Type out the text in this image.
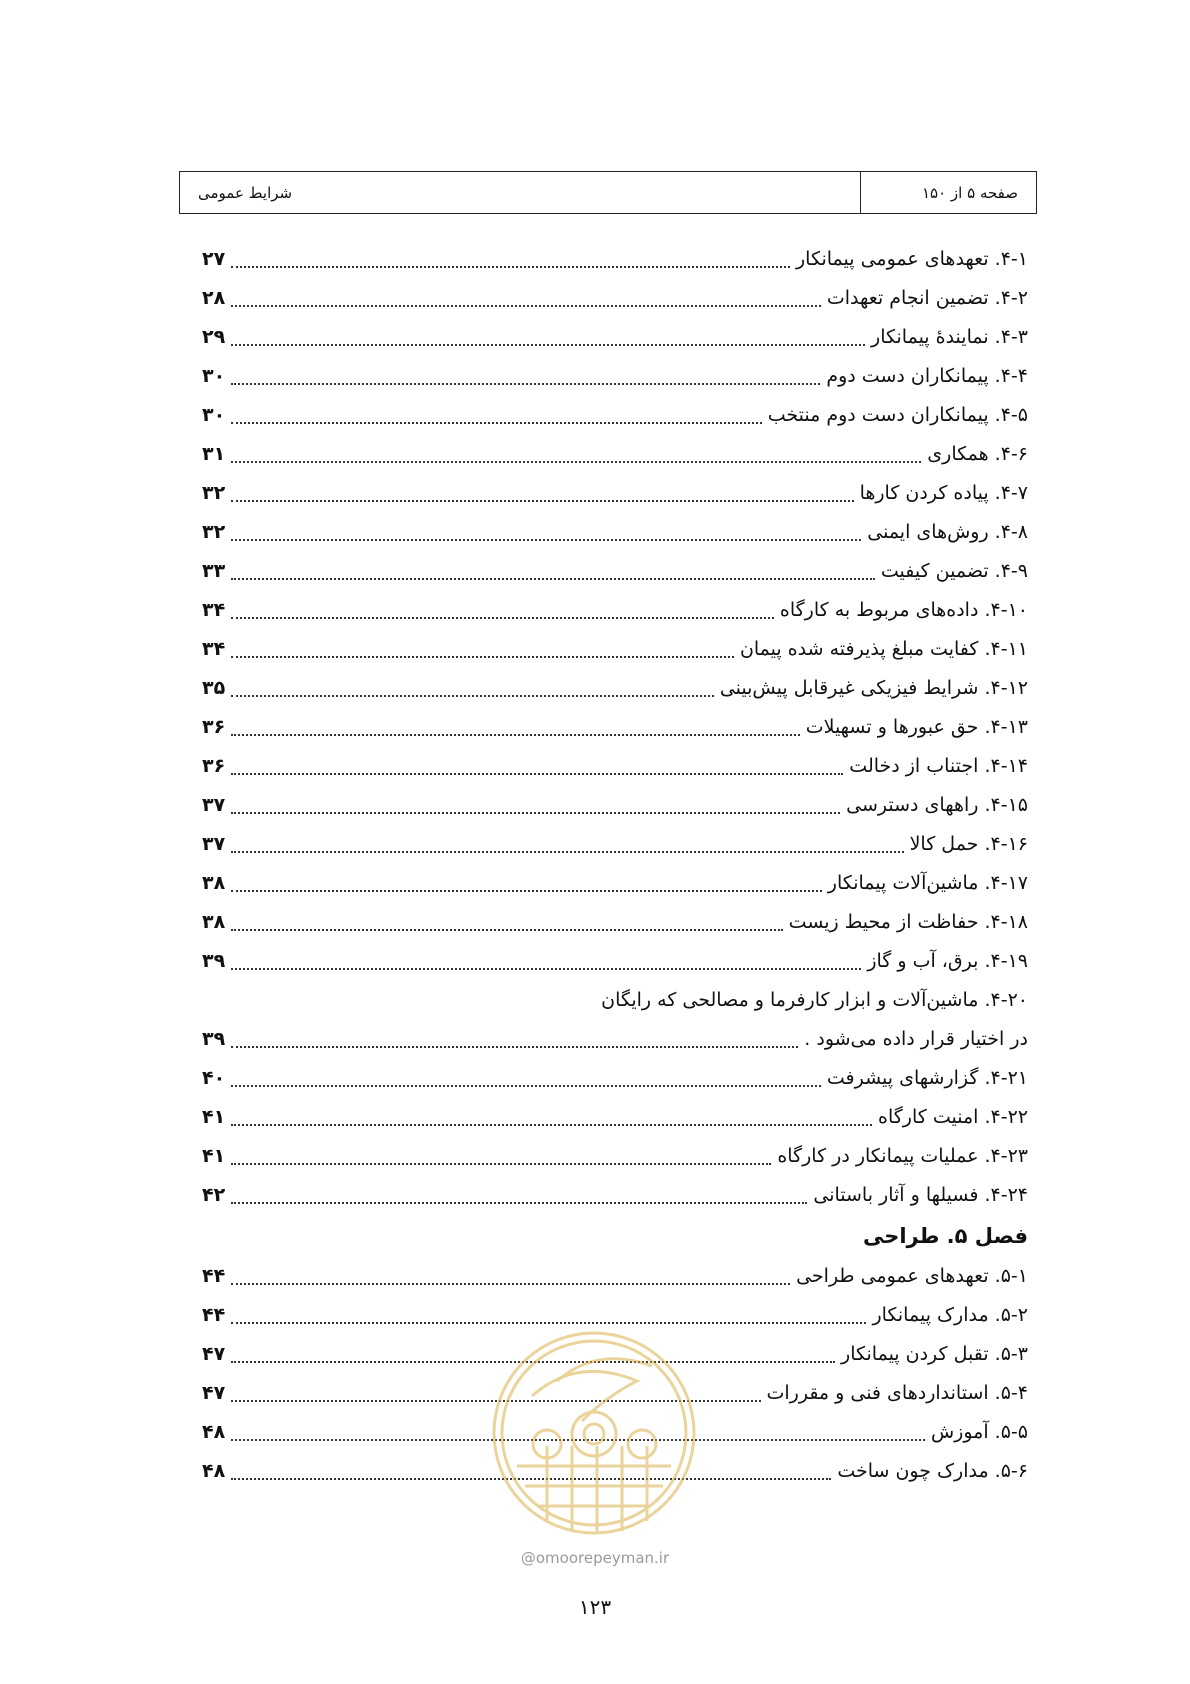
صفحه ۵ از ۱۵۰
شرایط عمومی
۴-۱. تعهدهای عمومی پیمانکار
۲۷
۴-۲. تضمین انجام تعهدات
۲۸
۴-۳. نمایندهٔ پیمانکار
۲۹
۴-۴. پیمانکاران دست دوم
۳۰
۴-۵. پیمانکاران دست دوم منتخب
۳۰
۴-۶. همکاری
۳۱
۴-۷. پیاده کردن کارها
۳۲
۴-۸. روش‌های ایمنی
۳۲
۴-۹. تضمین کیفیت
۳۳
۴-۱۰. داده‌های مربوط به کارگاه
۳۴
۴-۱۱. کفایت مبلغ پذیرفته شده پیمان
۳۴
۴-۱۲. شرایط فیزیکی غیرقابل پیش‌بینی
۳۵
۴-۱۳. حق عبورها و تسهیلات
۳۶
۴-۱۴. اجتناب از دخالت
۳۶
۴-۱۵. راههای دسترسی
۳۷
۴-۱۶. حمل کالا
۳۷
۴-۱۷. ماشین‌آلات پیمانکار
۳۸
۴-۱۸. حفاظت از محیط زیست
۳۸
۴-۱۹. برق، آب و گاز
۳۹
۴-۲۰. ماشین‌آلات و ابزار کارفرما و مصالحی که رایگان
در اختیار قرار داده می‌شود .
۳۹
۴-۲۱. گزارشهای پیشرفت
۴۰
۴-۲۲. امنیت کارگاه
۴۱
۴-۲۳. عملیات پیمانکار در کارگاه
۴۱
۴-۲۴. فسیلها و آثار باستانی
۴۲
فصل ۵. طراحی
۵-۱. تعهدهای عمومی طراحی
۴۴
۵-۲. مدارک پیمانکار
۴۴
۵-۳. تقبل کردن پیمانکار
۴۷
۵-۴. استانداردهای فنی و مقررات
۴۷
۵-۵. آموزش
۴۸
۵-۶. مدارک چون ساخت
۴۸
@omoorepeyman.ir
۱۲۳
